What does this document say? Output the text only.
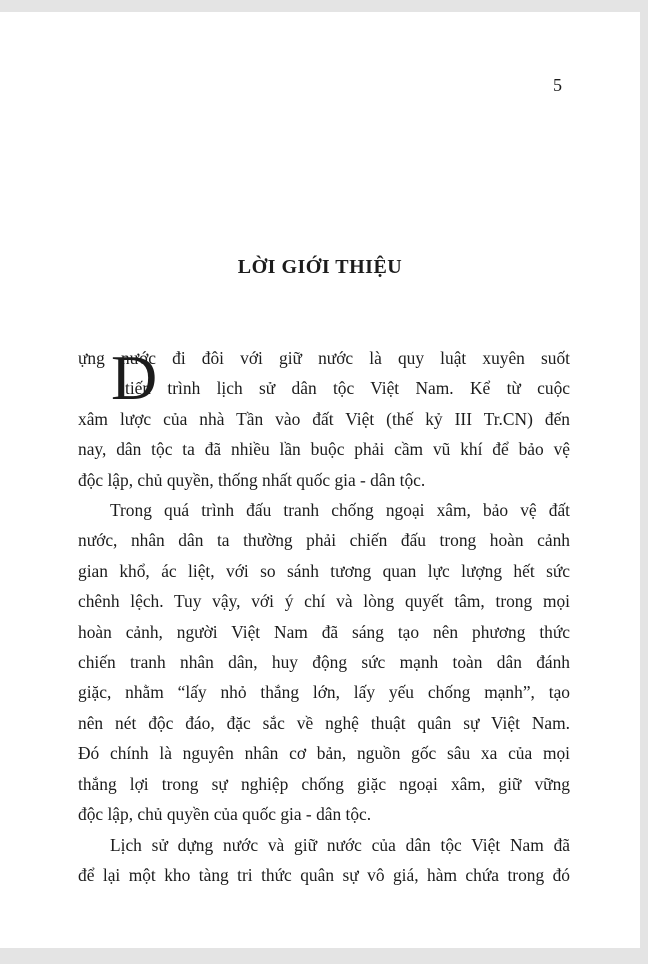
5
LỜI GIỚI THIỆU
D
ựng nước đi đôi với giữ nước là quy luật xuyên suốt
tiến trình lịch sử dân tộc Việt Nam. Kể từ cuộc
xâm lược của nhà Tần vào đất Việt (thế kỷ III Tr.CN) đến
nay, dân tộc ta đã nhiều lần buộc phải cầm vũ khí để bảo vệ
độc lập, chủ quyền, thống nhất quốc gia - dân tộc.
Trong quá trình đấu tranh chống ngoại xâm, bảo vệ đất
nước, nhân dân ta thường phải chiến đấu trong hoàn cảnh
gian khổ, ác liệt, với so sánh tương quan lực lượng hết sức
chênh lệch. Tuy vậy, với ý chí và lòng quyết tâm, trong mọi
hoàn cảnh, người Việt Nam đã sáng tạo nên phương thức
chiến tranh nhân dân, huy động sức mạnh toàn dân đánh
giặc, nhằm “lấy nhỏ thắng lớn, lấy yếu chống mạnh”, tạo
nên nét độc đáo, đặc sắc về nghệ thuật quân sự Việt Nam.
Đó chính là nguyên nhân cơ bản, nguồn gốc sâu xa của mọi
thắng lợi trong sự nghiệp chống giặc ngoại xâm, giữ vững
độc lập, chủ quyền của quốc gia - dân tộc.
Lịch sử dựng nước và giữ nước của dân tộc Việt Nam đã
để lại một kho tàng tri thức quân sự vô giá, hàm chứa trong đó
